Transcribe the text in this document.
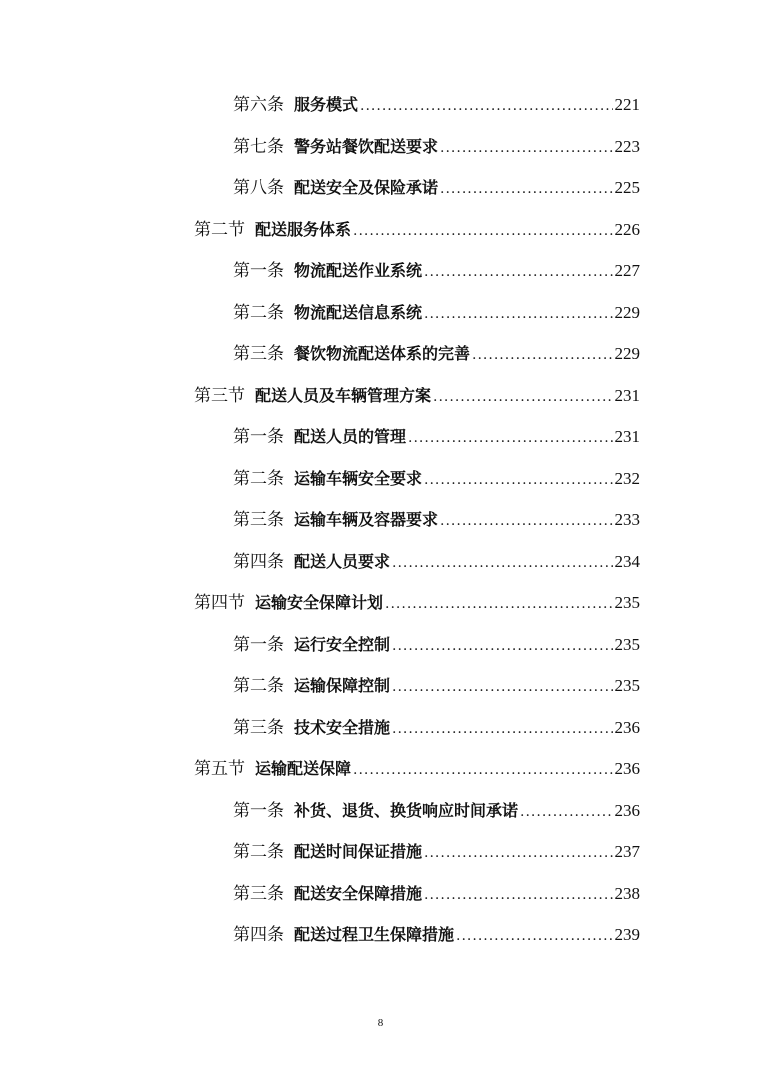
第六条 服务模式 .....	221
第七条 警务站餐饮配送要求 .....	223
第八条 配送安全及保险承诺 .....	225
第二节 配送服务体系 .....	226
第一条 物流配送作业系统 .....	227
第二条 物流配送信息系统 .....	229
第三条 餐饮物流配送体系的完善 .....	229
第三节 配送人员及车辆管理方案 .....	231
第一条 配送人员的管理 .....	231
第二条 运输车辆安全要求 .....	232
第三条 运输车辆及容器要求 .....	233
第四条 配送人员要求 .....	234
第四节 运输安全保障计划 .....	235
第一条 运行安全控制 .....	235
第二条 运输保障控制 .....	235
第三条 技术安全措施 .....	236
第五节 运输配送保障 .....	236
第一条 补货、退货、换货响应时间承诺 .....	236
第二条 配送时间保证措施 .....	237
第三条 配送安全保障措施 .....	238
第四条 配送过程卫生保障措施 .....	239
8
